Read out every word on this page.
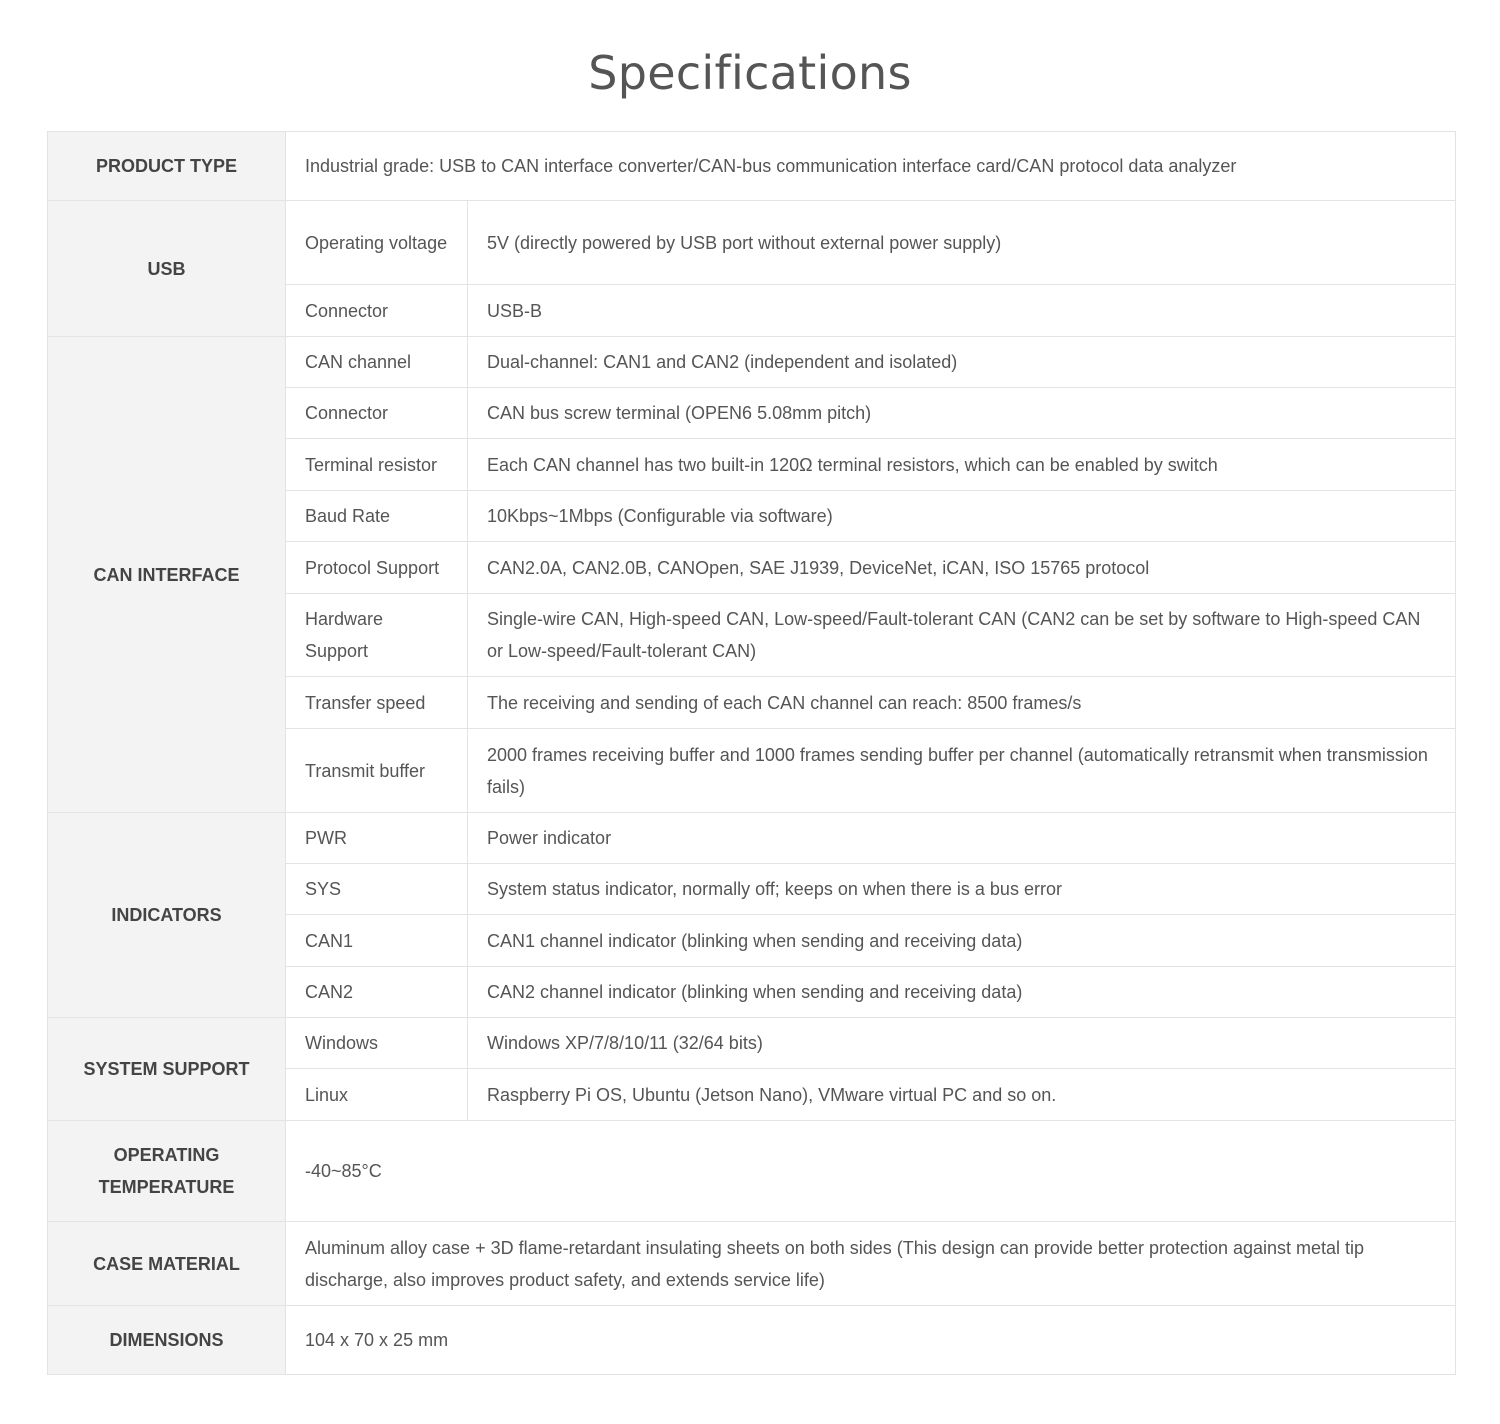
Specifications
PRODUCT TYPE	Industrial grade: USB to CAN interface converter/CAN-bus communication interface card/CAN protocol data analyzer	
USB	Operating voltage	5V (directly powered by USB port without external power supply)
	Connector	USB-B
CAN INTERFACE	CAN channel	Dual-channel: CAN1 and CAN2 (independent and isolated)
	Connector	CAN bus screw terminal (OPEN6 5.08mm pitch)
	Terminal resistor	Each CAN channel has two built-in 120Ω terminal resistors, which can be enabled by switch
	Baud Rate	10Kbps~1Mbps (Configurable via software)
	Protocol Support	CAN2.0A, CAN2.0B, CANOpen, SAE J1939, DeviceNet, iCAN, ISO 15765 protocol
	Hardware Support	Single-wire CAN, High-speed CAN, Low-speed/Fault-tolerant CAN (CAN2 can be set by software to High-speed CAN or Low-speed/Fault-tolerant CAN)
	Transfer speed	The receiving and sending of each CAN channel can reach: 8500 frames/s
	Transmit buffer	2000 frames receiving buffer and 1000 frames sending buffer per channel (automatically retransmit when transmission fails)
INDICATORS	PWR	Power indicator
	SYS	System status indicator, normally off; keeps on when there is a bus error
	CAN1	CAN1 channel indicator (blinking when sending and receiving data)
	CAN2	CAN2 channel indicator (blinking when sending and receiving data)
SYSTEM SUPPORT	Windows	Windows XP/7/8/10/11 (32/64 bits)
	Linux	Raspberry Pi OS, Ubuntu (Jetson Nano), VMware virtual PC and so on.
OPERATING TEMPERATURE	-40~85°C	
CASE MATERIAL	Aluminum alloy case + 3D flame-retardant insulating sheets on both sides (This design can provide better protection against metal tip discharge, also improves product safety, and extends service life)	
DIMENSIONS	104 x 70 x 25 mm	
